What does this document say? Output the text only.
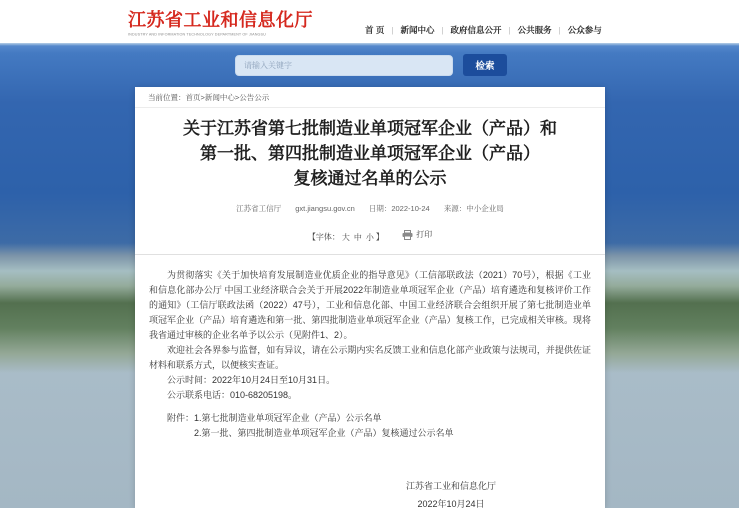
江苏省工业和信息化厅
INDUSTRY AND INFORMATION TECHNOLOGY DEPARTMENT OF JIANGSU	首 页 | 新闻中心 | 政府信息公开 | 公共服务 | 公众参与
请输入关键字
检索
当前位置：首页>新闻中心>公告公示
关于江苏省第七批制造业单项冠军企业（产品）和
第一批、第四批制造业单项冠军企业（产品）
复核通过名单的公示
江苏省工信厅 gxt.jiangsu.gov.cn 日期：2022-10-24 来源：中小企业局
【字体： 大 中 小 】	打印

为贯彻落实《关于加快培育发展制造业优质企业的指导意见》（工信部联政法（2021）70号），根据《工业和信息化部办公厅 中国工业经济联合会关于开展2022年制造业单项冠军企业（产品）培育遴选和复核评价工作的通知》（工信厅联政法函（2022）47号），工业和信息化部、中国工业经济联合会组织开展了第七批制造业单项冠军企业（产品）培育遴选和第一批、第四批制造业单项冠军企业（产品）复核工作，已完成相关审核。现将我省通过审核的企业名单予以公示（见附件1、2）。

欢迎社会各界参与监督，如有异议，请在公示期内实名反馈工业和信息化部产业政策与法规司，并提供佐证材料和联系方式，以便核实查证。

公示时间：2022年10月24日至10月31日。

公示联系电话：010-68205198。

附件： 1.第七批制造业单项冠军企业（产品）公示名单
2.第一批、第四批制造业单项冠军企业（产品）复核通过公示名单
江苏省工业和信息化厅
2022年10月24日
